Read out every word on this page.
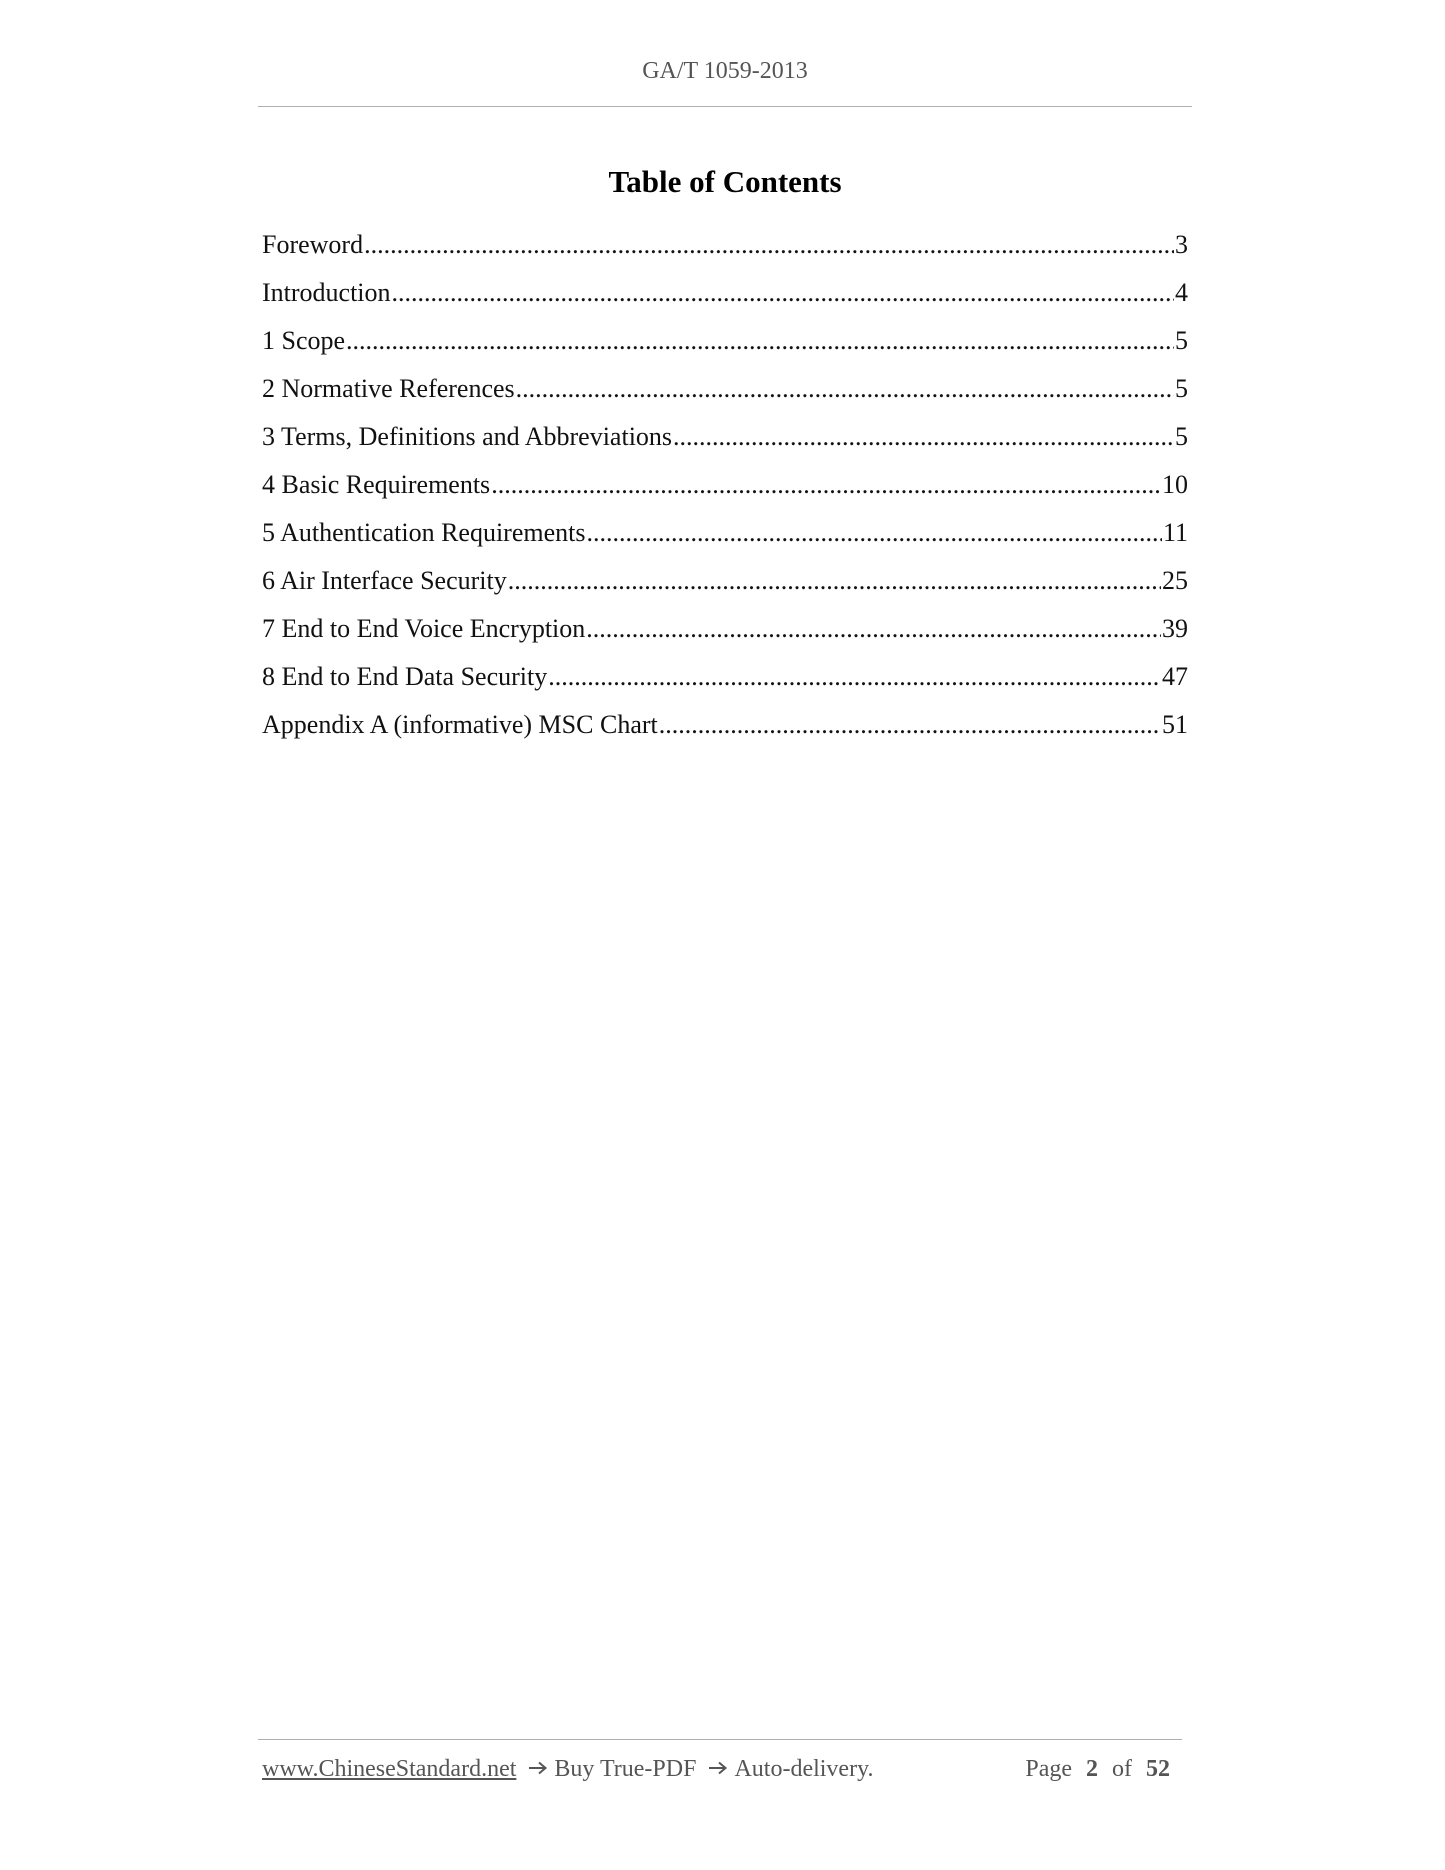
GA/T 1059-2013
Table of Contents
Foreword .....	3
Introduction .....	4
1 Scope .....	5
2 Normative References .....	5
3 Terms, Definitions and Abbreviations .....	5
4 Basic Requirements .....	10
5 Authentication Requirements .....	11
6 Air Interface Security .....	25
7 End to End Voice Encryption .....	39
8 End to End Data Security .....	47
Appendix A (informative) MSC Chart .....	51
www.ChineseStandard.net Buy True-PDF Auto-delivery.	Page 2 of 52
